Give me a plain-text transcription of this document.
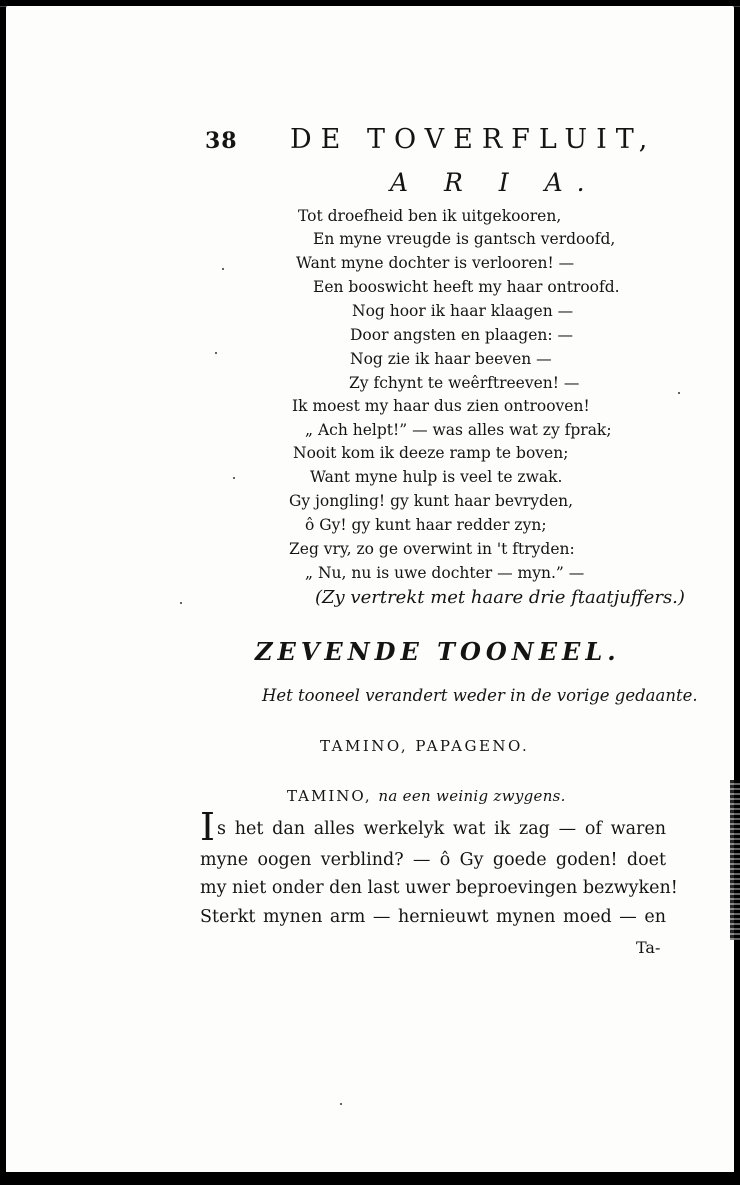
38 DE TOVERFLUIT,
A R I A.
Tot droefheid ben ik uitgekooren,
En myne vreugde is gantsch verdoofd,
Want myne dochter is verlooren! —
Een booswicht heeft my haar ontroofd.
Nog hoor ik haar klaagen —
Door angsten en plaagen: —
Nog zie ik haar beeven —
Zy fchynt te weêrftreeven! —
Ik moest my haar dus zien ontrooven!
„ Ach helpt!” — was alles wat zy fprak;
Nooit kom ik deeze ramp te boven;
Want myne hulp is veel te zwak.
Gy jongling! gy kunt haar bevryden,
ô Gy! gy kunt haar redder zyn;
Zeg vry, zo ge overwint in 't ftryden:
„ Nu, nu is uwe dochter — myn.” —
(Zy vertrekt met haare drie ftaatjuffers.)
ZEVENDE TOONEEL.
Het tooneel verandert weder in de vorige gedaante.
TAMINO, PAPAGENO.
TAMINO, na een weinig zwygens.
Is het dan alles werkelyk wat ik zag — of waren
myne oogen verblind? — ô Gy goede goden! doet
my niet onder den last uwer beproevingen bezwyken!
Sterkt mynen arm — hernieuwt mynen moed — en
Ta-
